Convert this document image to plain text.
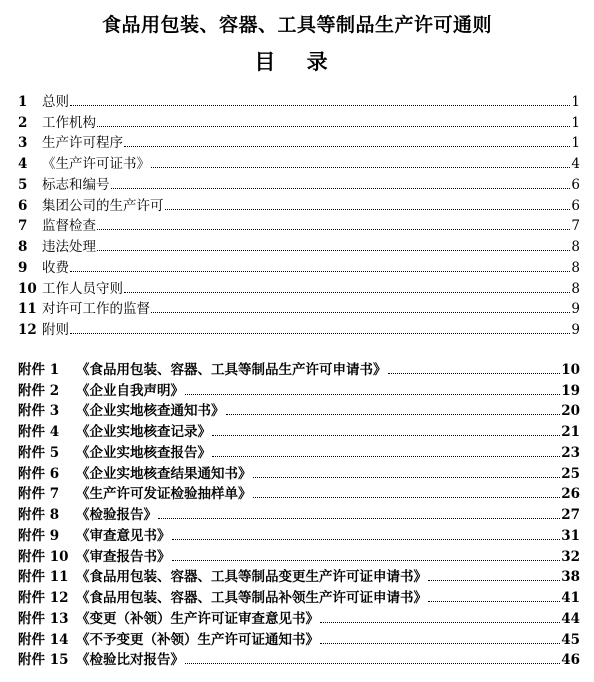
食品用包装、容器、工具等制品生产许可通则
目 录
1	总则	1
2	工作机构	1
3	生产许可程序	1
4	《生产许可证书》	4
5	标志和编号	6
6	集团公司的生产许可	6
7	监督检查	7
8	违法处理	8
9	收费	8
10 工作人员守则	8
11 对许可工作的监督	9
12 附则	9
附件 1	《食品用包装、容器、工具等制品生产许可申请书》	10
附件 2	《企业自我声明》	19
附件 3	《企业实地核查通知书》	20
附件 4	《企业实地核查记录》	21
附件 5	《企业实地核查报告》	23
附件 6	《企业实地核查结果通知书》	25
附件 7	《生产许可发证检验抽样单》	26
附件 8	《检验报告》	27
附件 9	《审查意见书》	31
附件 10 《审查报告书》	32
附件 11 《食品用包装、容器、工具等制品变更生产许可证申请书》	38
附件 12 《食品用包装、容器、工具等制品补领生产许可证申请书》	41
附件 13 《变更（补领）生产许可证审查意见书》	44
附件 14 《不予变更（补领）生产许可证通知书》	45
附件 15 《检验比对报告》	46
